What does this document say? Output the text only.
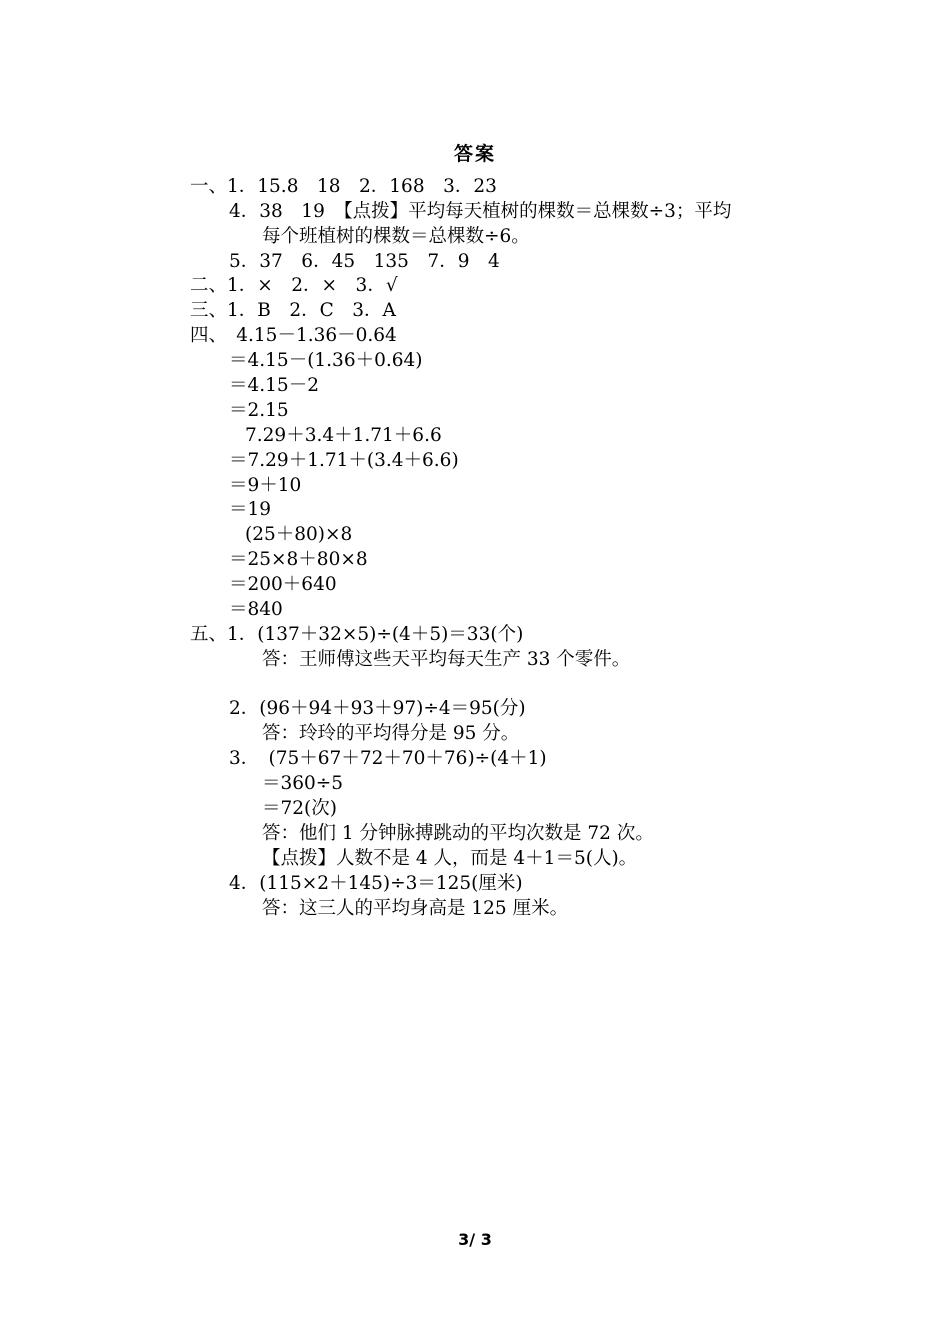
答案
一、1．15.8　18　2．168　3．23
4．38　19　【点拨】平均每天植树的棵数＝总棵数÷3；平均
每个班植树的棵数＝总棵数÷6。
5．37　6．45　135　7．9　4
二、1．×　2．×　3．√
三、1．B　2．C　3．A
四、　4.15－1.36－0.64
＝4.15－(1.36＋0.64)
＝4.15－2
＝2.15
7.29＋3.4＋1.71＋6.6
＝7.29＋1.71＋(3.4＋6.6)
＝9＋10
＝19
(25＋80)×8
＝25×8＋80×8
＝200＋640
＝840
五、1．(137＋32×5)÷(4＋5)＝33(个)
答：王师傅这些天平均每天生产 33 个零件。
2．(96＋94＋93＋97)÷4＝95(分)
答：玲玲的平均得分是 95 分。
3．　(75＋67＋72＋70＋76)÷(4＋1)
＝360÷5
＝72(次)
答：他们 1 分钟脉搏跳动的平均次数是 72 次。
【点拨】人数不是 4 人，而是 4＋1＝5(人)。
4．(115×2＋145)÷3＝125(厘米)
答：这三人的平均身高是 125 厘米。
3/ 3
